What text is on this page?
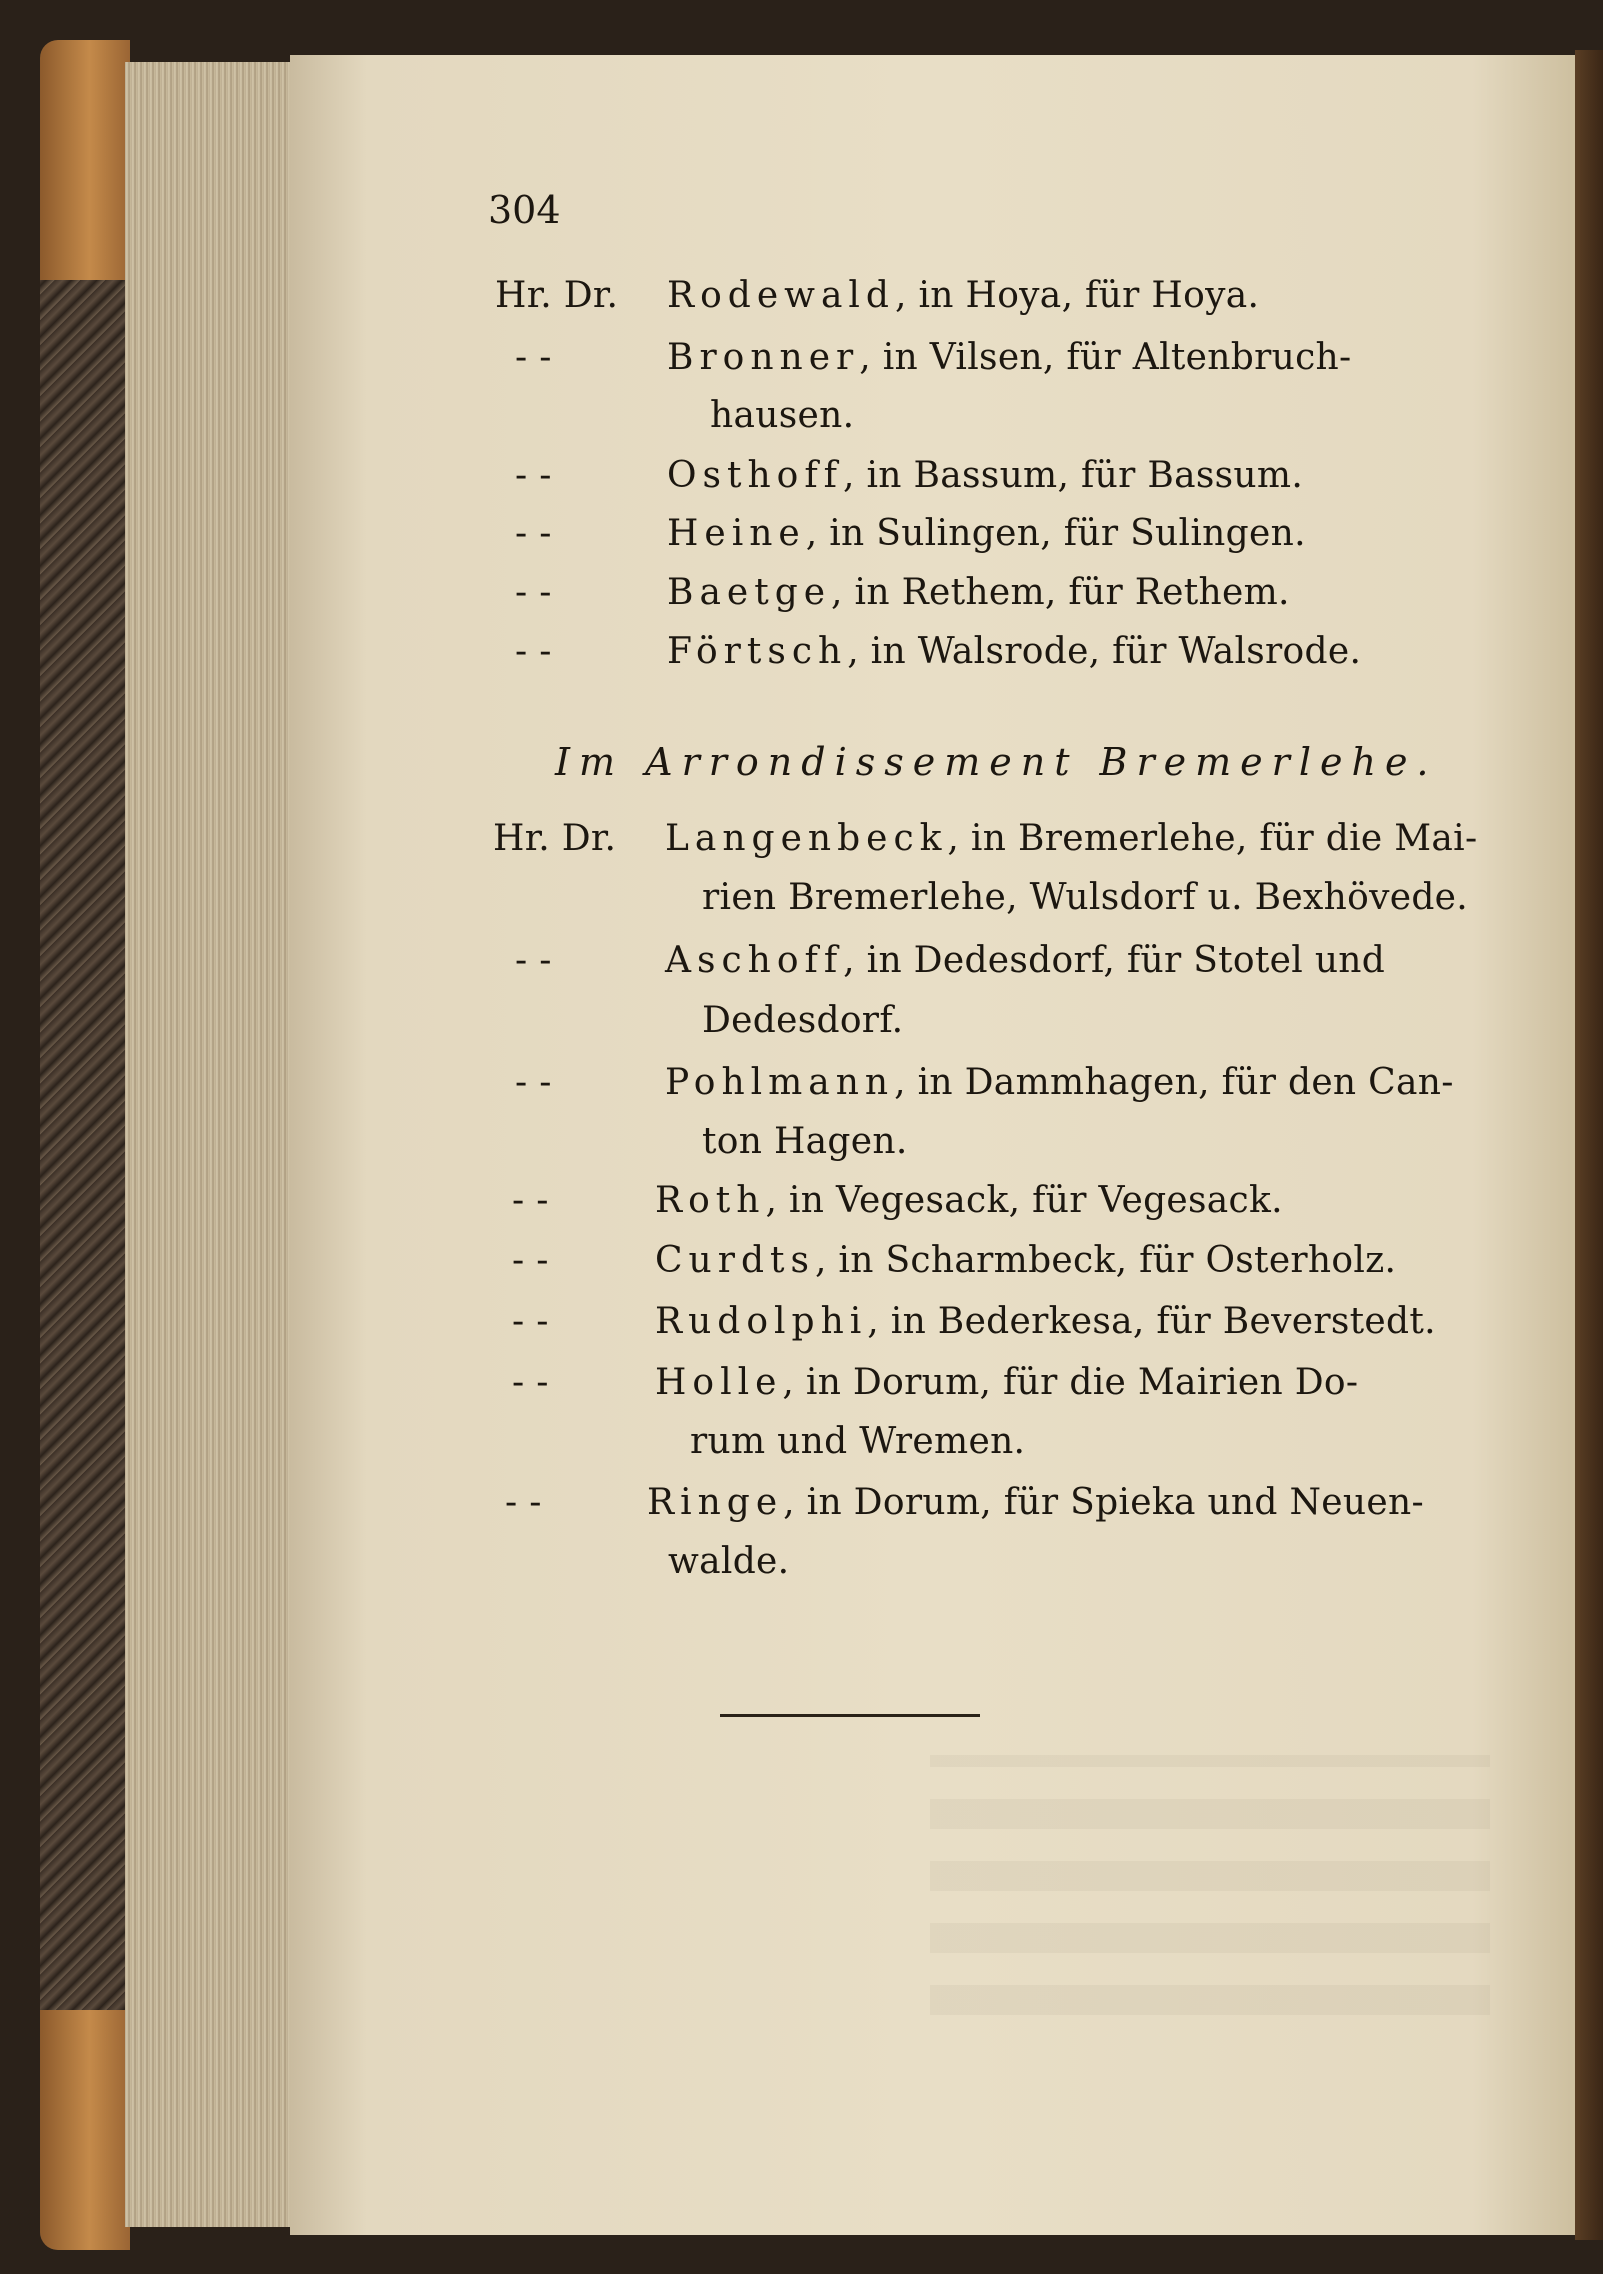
304
Hr. Dr. Rodewald, in Hoya, für Hoya.
- -	Bronner, in Vilsen, für Altenbruch-
hausen.
- -	Osthoff, in Bassum, für Bassum.
- -	Heine, in Sulingen, für Sulingen.
- -	Baetge, in Rethem, für Rethem.
- -	Förtsch, in Walsrode, für Walsrode.
Im Arrondissement Bremerlehe.
Hr. Dr. Langenbeck, in Bremerlehe, für die Mai-
rien Bremerlehe, Wulsdorf u. Bexhövede.
- -	Aschoff, in Dedesdorf, für Stotel und
Dedesdorf.
- -	Pohlmann, in Dammhagen, für den Can-
ton Hagen.
- -	Roth, in Vegesack, für Vegesack.
- -	Curdts, in Scharmbeck, für Osterholz.
- -	Rudolphi, in Bederkesa, für Beverstedt.
- -	Holle, in Dorum, für die Mairien Do-
rum und Wremen.
- -	Ringe, in Dorum, für Spieka und Neuen-
walde.
